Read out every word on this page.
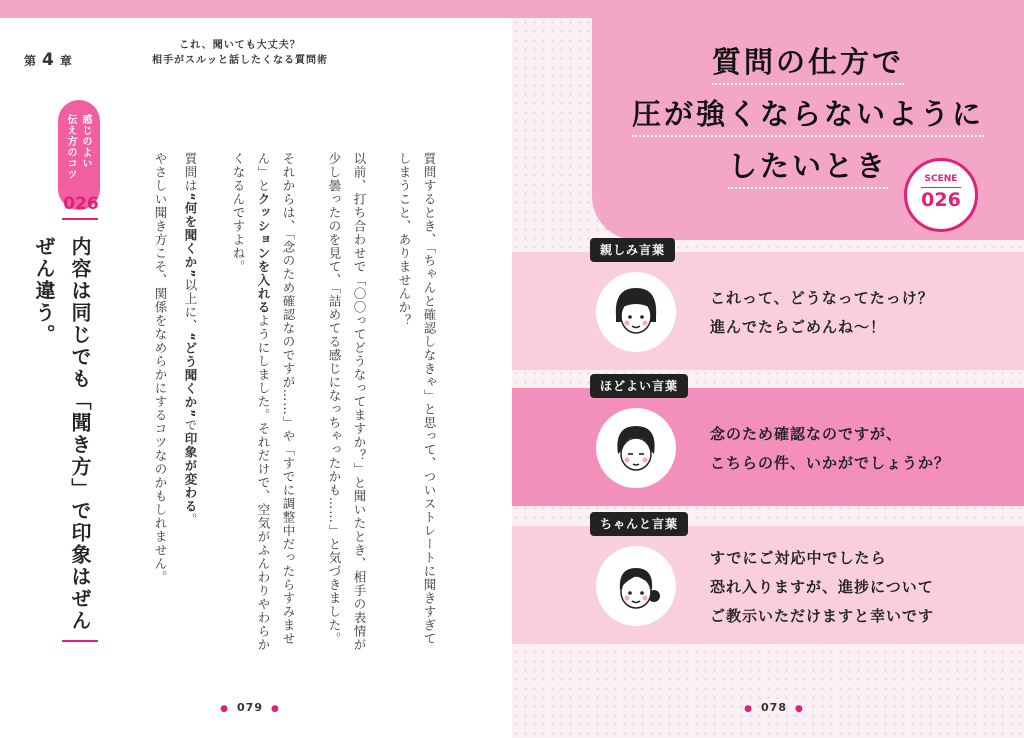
第 4 章
これ、聞いても大丈夫？
相手がスルッと話したくなる質問術
感じのよい
伝え方のコツ
026
内容は同じでも「聞き方」で印象はぜんぜん違う。	質問するとき、「ちゃんと確認しなきゃ」と思って、ついストレートに聞きすぎてしまうこと、ありませんか？

以前、打ち合わせで「〇〇ってどうなってますか？」と聞いたとき、相手の表情が少し曇ったのを見て、「詰めてる感じになっちゃったかも……」と気づきました。

それからは、「念のため確認なのですが……」や「すでに調整中だったらすみません」とクッションを入れるようにしました。それだけで、空気がふんわりやわらかくなるんですよね。

質問は“何を聞くか”以上に、“どう聞くか”で印象が変わる。

やさしい聞き方こそ、関係をなめらかにするコツなのかもしれません。

● 079 ●
質問の仕方で
圧が強くならないように
したいとき	SCENE
026
親しみ言葉
これって、どうなってたっけ？
進んでたらごめんね～！
ほどよい言葉
念のため確認なのですが、
こちらの件、いかがでしょうか？
ちゃんと言葉
すでにご対応中でしたら
恐れ入りますが、進捗について
ご教示いただけますと幸いです
● 078 ●
